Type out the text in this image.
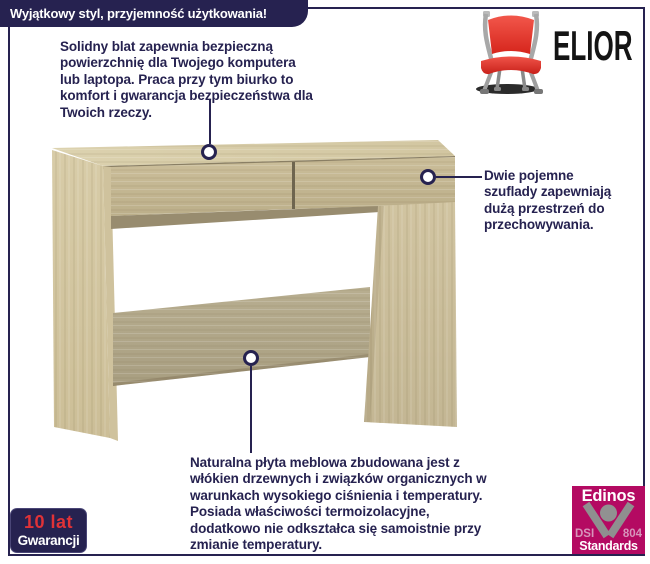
Wyjątkowy styl, przyjemność użytkowania!
ELIOR
Solidny blat zapewnia bezpieczną
powierzchnię dla Twojego komputera
lub laptopa. Praca przy tym biurko to
komfort i gwarancja bezpieczeństwa dla
Twoich rzeczy.
Dwie pojemne
szuflady zapewniają
dużą przestrzeń do
przechowywania.
Naturalna płyta meblowa zbudowana jest z
włókien drzewnych i związków organicznych w
warunkach wysokiego ciśnienia i temperatury.
Posiada właściwości termoizolacyjne,
dodatkowo nie odkształca się samoistnie przy
zmianie temperatury.
10 lat
Gwarancji
Edinos
DSI 804
Standards
